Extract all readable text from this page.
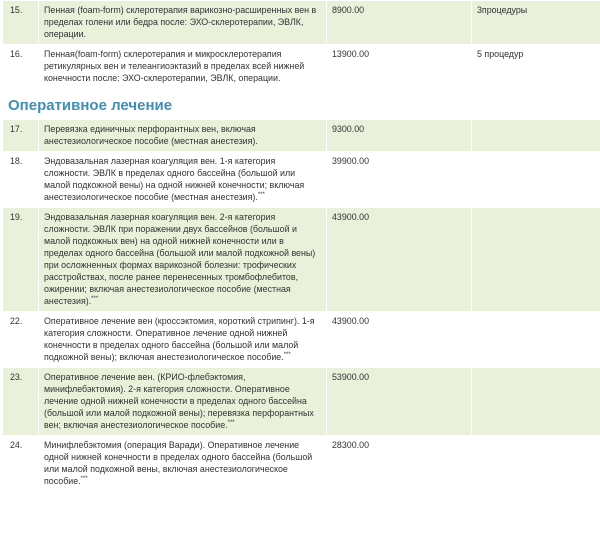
15.	Пенная (foam-form) склеротерапия варикозно-расширенных вен в пределах голени или бедра после: ЭХО-склеротерапии, ЭВЛК, операции.	8900.00	3процедуры
16.	Пенная(foam-form) склеротерапия и микросклеротерапия ретикулярных вен и телеангиоэктазий в пределах всей нижней конечности после: ЭХО-склеротерапии, ЭВЛК, операции.	13900.00	5 процедур
Оперативное лечение
17.	Перевязка единичных перфорантных вен, включая анестезиологическое пособие (местная анестезия).	9300.00	
18.	Эндовазальная лазерная коагуляция вен. 1-я категория сложности. ЭВЛК в пределах одного бассейна (большой или малой подкожной вены) на одной нижней конечности; включая анестезиологическое пособие (местная анестезия).***	39900.00	
19.	Эндовазальная лазерная коагуляция вен. 2-я категория сложности. ЭВЛК при поражении двух бассейнов (большой и малой подкожных вен) на одной нижней конечности или в пределах одного бассейна (большой или малой подкожной вены) при осложненных формах варикозной болезни: трофических расстройствах, после ранее перенесенных тромбофлебитов, ожирении; включая анестезиологическое пособие (местная анестезия).***	43900.00	
22.	Оперативное лечение вен (кроссэктомия, короткий стрипинг). 1-я категория сложности. Оперативное лечение одной нижней конечности в пределах одного бассейна (большой или малой подкожной вены); включая анестезиологическое пособие.***	43900.00	
23.	Оперативное лечение вен. (КРИО-флебэктомия, минифлебэктомия). 2-я категория сложности. Оперативное лечение одной нижней конечности в пределах одного бассейна (большой или малой подкожной вены); перевязка перфорантных вен; включая анестезиологическое пособие.***	53900.00	
24.	Минифлебэктомия (операция Варади). Оперативное лечение одной нижней конечности в пределах одного бассейна (большой или малой подкожной вены, включая анестезиологическое пособие.***	28300.00	
